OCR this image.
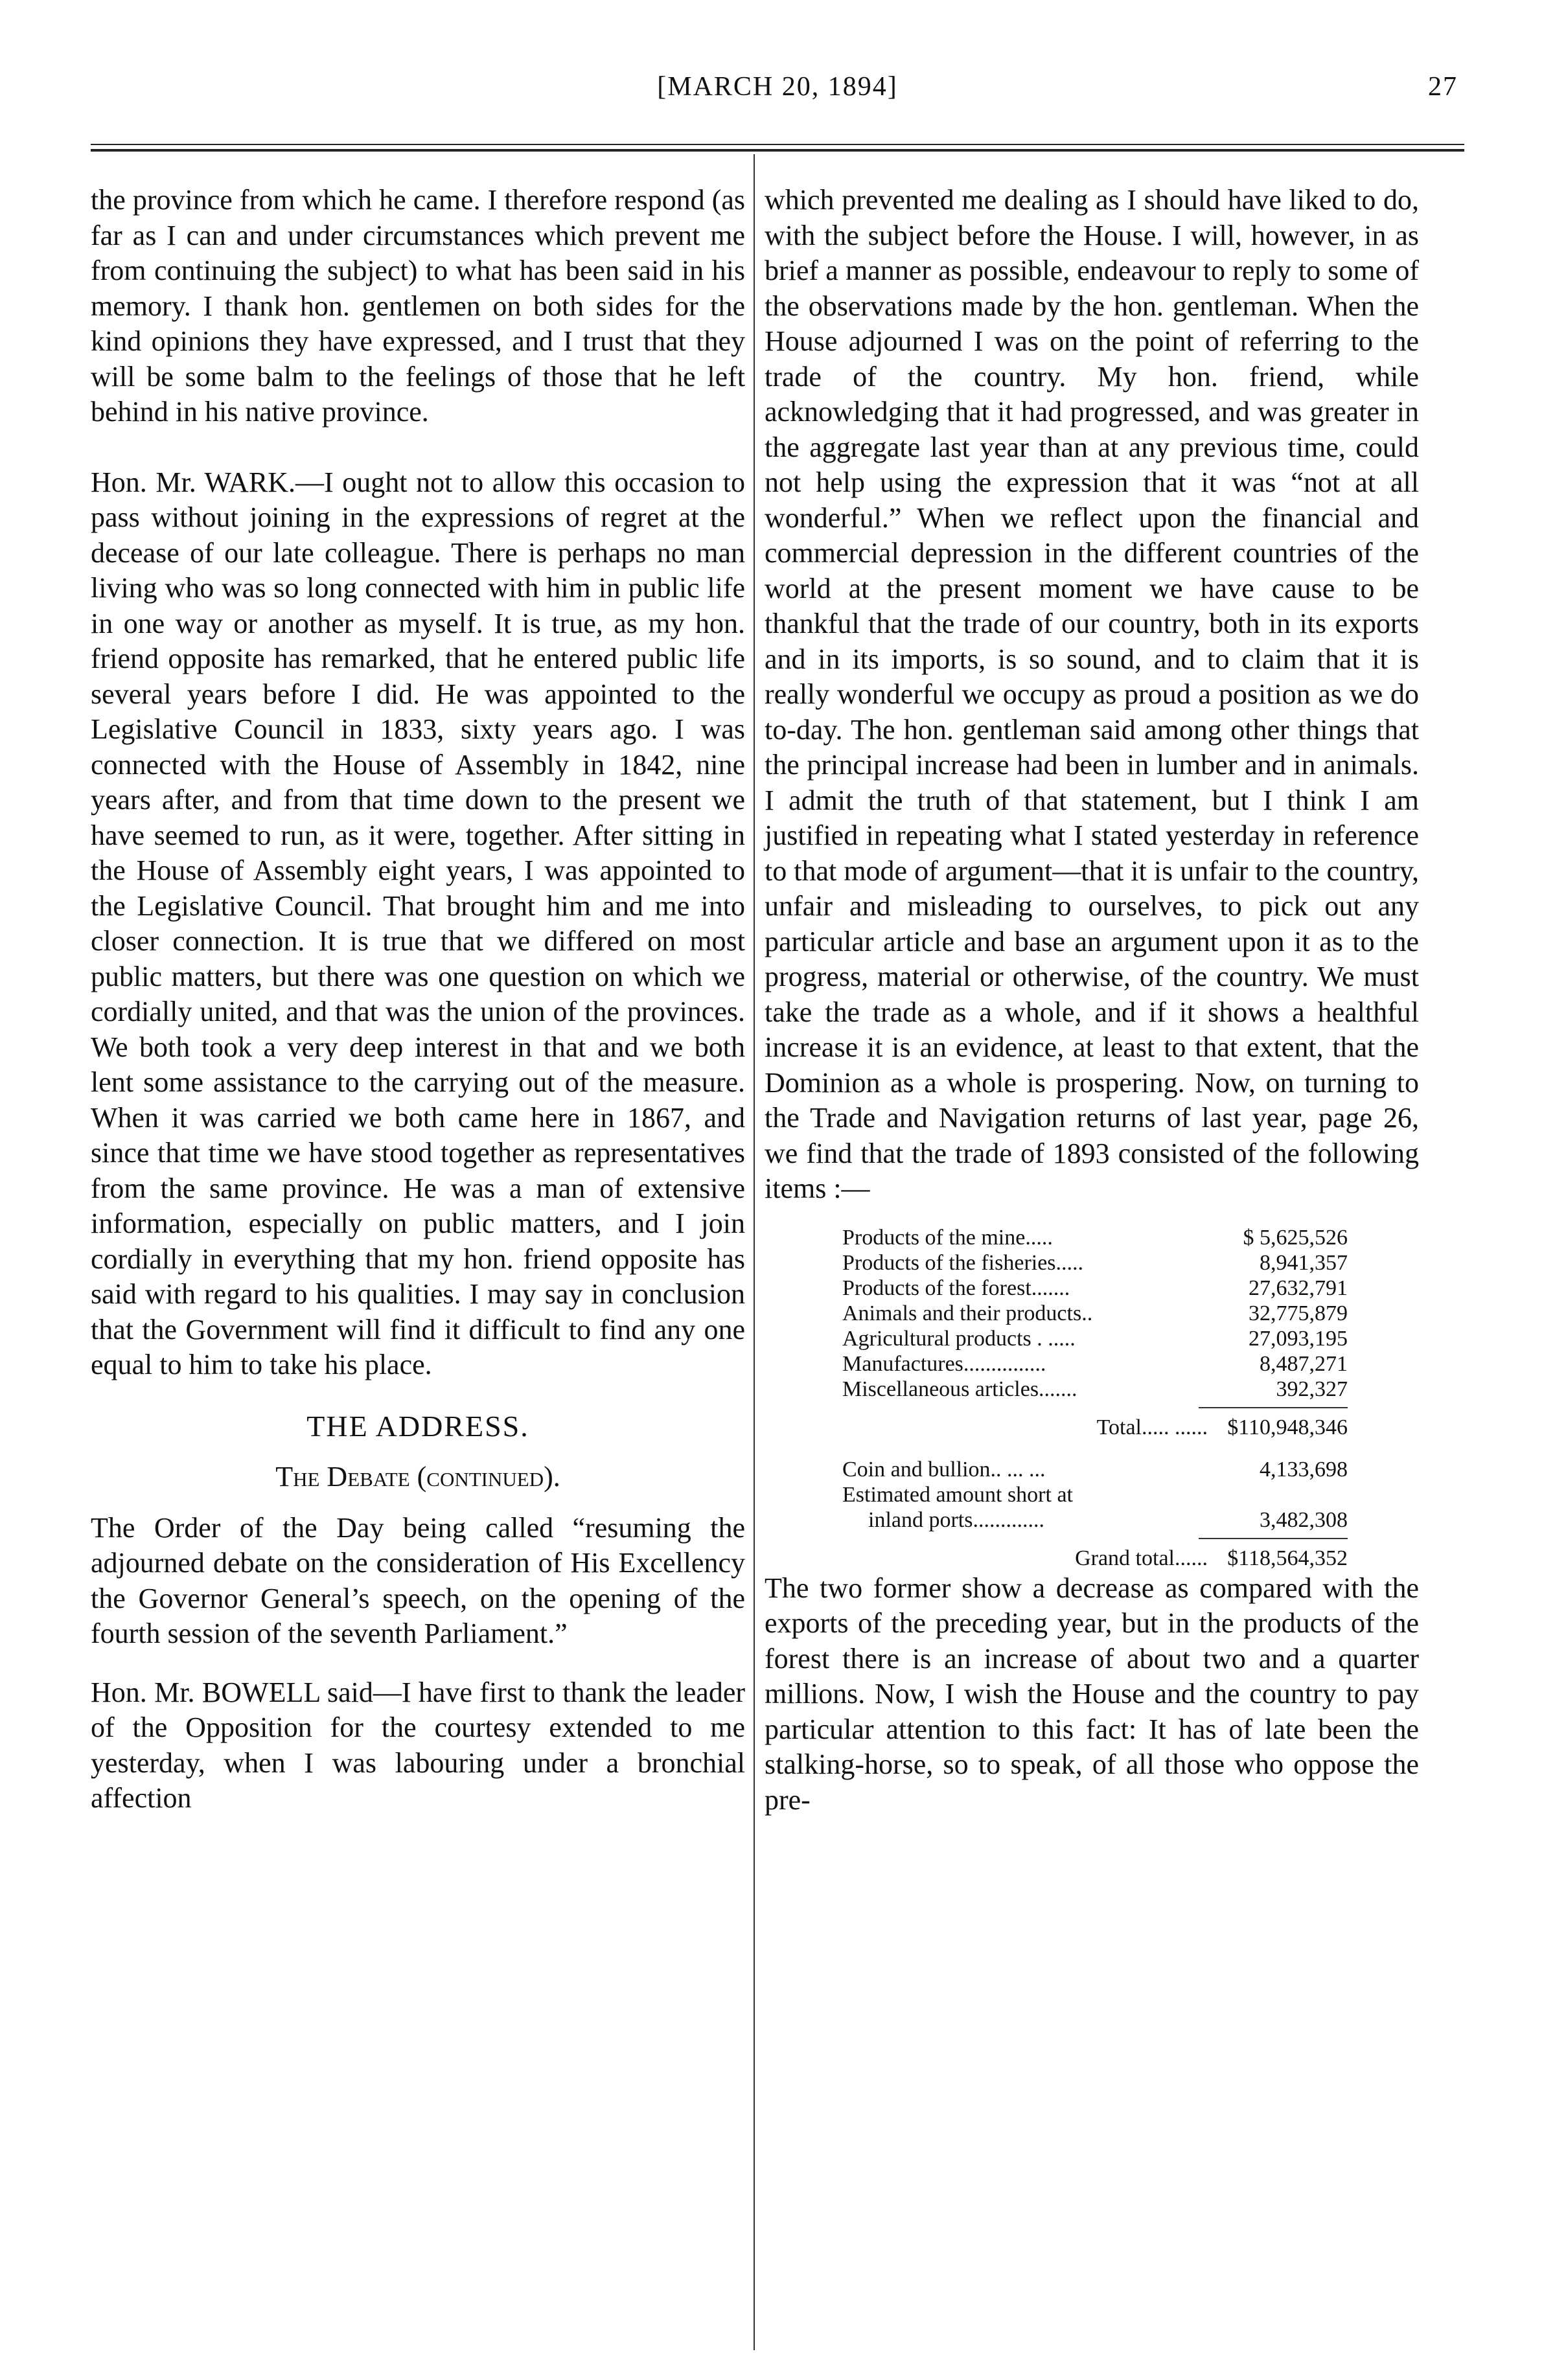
[MARCH 20, 1894]	27

the province from which he came. I therefore respond (as far as I can and under circumstances which prevent me from continuing the subject) to what has been said in his memory. I thank hon. gentlemen on both sides for the kind opinions they have expressed, and I trust that they will be some balm to the feelings of those that he left behind in his native province.

Hon. Mr. WARK.—I ought not to allow this occasion to pass without joining in the expressions of regret at the decease of our late colleague. There is perhaps no man living who was so long connected with him in public life in one way or another as myself. It is true, as my hon. friend opposite has remarked, that he entered public life several years before I did. He was appointed to the Legislative Council in 1833, sixty years ago. I was connected with the House of Assembly in 1842, nine years after, and from that time down to the present we have seemed to run, as it were, together. After sitting in the House of Assembly eight years, I was appointed to the Legislative Council. That brought him and me into closer connection. It is true that we differed on most public matters, but there was one question on which we cordially united, and that was the union of the provinces. We both took a very deep interest in that and we both lent some assistance to the carrying out of the measure. When it was carried we both came here in 1867, and since that time we have stood together as representatives from the same province. He was a man of extensive information, especially on public matters, and I join cordially in everything that my hon. friend opposite has said with regard to his qualities. I may say in conclusion that the Government will find it difficult to find any one equal to him to take his place.

THE ADDRESS.
The Debate (continued).

The Order of the Day being called “resuming the adjourned debate on the consideration of His Excellency the Governor General’s speech, on the opening of the fourth session of the seventh Parliament.”

Hon. Mr. BOWELL said—I have first to thank the leader of the Opposition for the courtesy extended to me yesterday, when I was labouring under a bronchial affection

which prevented me dealing as I should have liked to do, with the subject before the House. I will, however, in as brief a manner as possible, endeavour to reply to some of the observations made by the hon. gentleman. When the House adjourned I was on the point of referring to the trade of the country. My hon. friend, while acknowledging that it had progressed, and was greater in the aggregate last year than at any previous time, could not help using the expression that it was “not at all wonderful.” When we reflect upon the financial and commercial depression in the different countries of the world at the present moment we have cause to be thankful that the trade of our country, both in its exports and in its imports, is so sound, and to claim that it is really wonderful we occupy as proud a position as we do to-day. The hon. gentleman said among other things that the principal increase had been in lumber and in animals. I admit the truth of that statement, but I think I am justified in repeating what I stated yesterday in reference to that mode of argument—that it is unfair to the country, unfair and misleading to ourselves, to pick out any particular article and base an argument upon it as to the progress, material or otherwise, of the country. We must take the trade as a whole, and if it shows a healthful increase it is an evidence, at least to that extent, that the Dominion as a whole is prospering. Now, on turning to the Trade and Navigation returns of last year, page 26, we find that the trade of 1893 consisted of the following items :—

Products of the mine.....	$ 5,625,526
Products of the fisheries.....	8,941,357
Products of the forest.......	27,632,791
Animals and their products..	32,775,879
Agricultural products . .....	27,093,195
Manufactures...............	8,487,271
Miscellaneous articles.......	392,327
Total..... ...... $110,948,346
Coin and bullion.. ... ...	4,133,698
Estimated amount short at
inland ports.............	3,482,308
Grand total...... $118,564,352

The two former show a decrease as compared with the exports of the preceding year, but in the products of the forest there is an increase of about two and a quarter millions. Now, I wish the House and the country to pay particular attention to this fact: It has of late been the stalking-horse, so to speak, of all those who oppose the pre-
